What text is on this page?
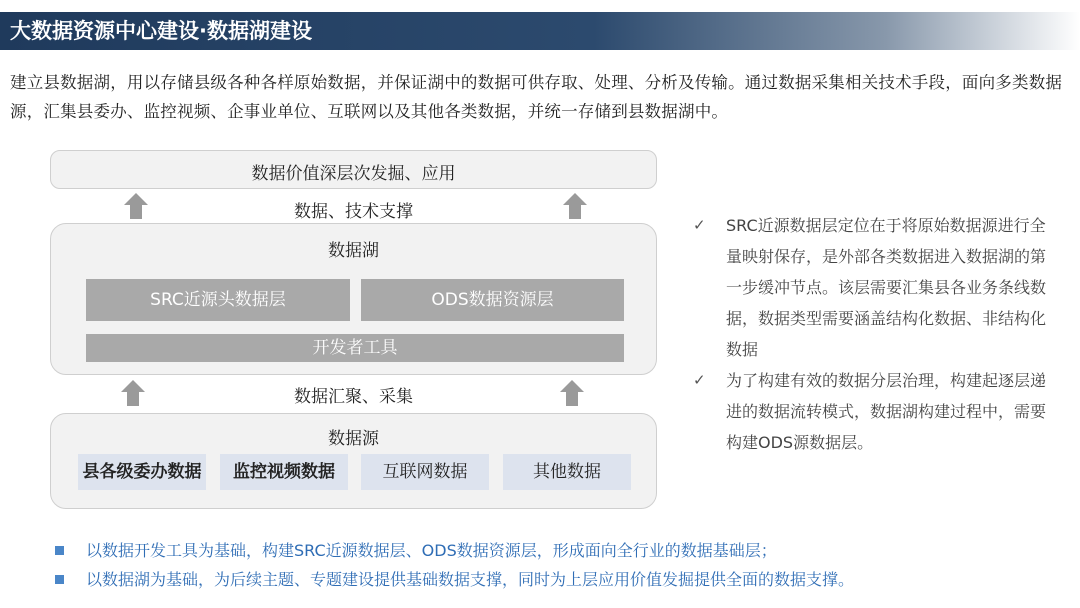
大数据资源中心建设·数据湖建设
建立县数据湖，用以存储县级各种各样原始数据，并保证湖中的数据可供存取、处理、分析及传输。通过数据采集相关技术手段，面向多类数据源，汇集县委办、监控视频、企事业单位、互联网以及其他各类数据，并统一存储到县数据湖中。
数据价值深层次发掘、应用
数据、技术支撑
数据湖
SRC近源头数据层	ODS数据资源层
开发者工具
数据汇聚、采集
数据源
县各级委办数据	监控视频数据	互联网数据	其他数据
✓ SRC近源数据层定位在于将原始数据源进行全量映射保存，是外部各类数据进入数据湖的第一步缓冲节点。该层需要汇集县各业务条线数据，数据类型需要涵盖结构化数据、非结构化数据
✓ 为了构建有效的数据分层治理，构建起逐层递进的数据流转模式，数据湖构建过程中，需要构建ODS源数据层。
以数据开发工具为基础，构建SRC近源数据层、ODS数据资源层，形成面向全行业的数据基础层；
以数据湖为基础，为后续主题、专题建设提供基础数据支撑，同时为上层应用价值发掘提供全面的数据支撑。
